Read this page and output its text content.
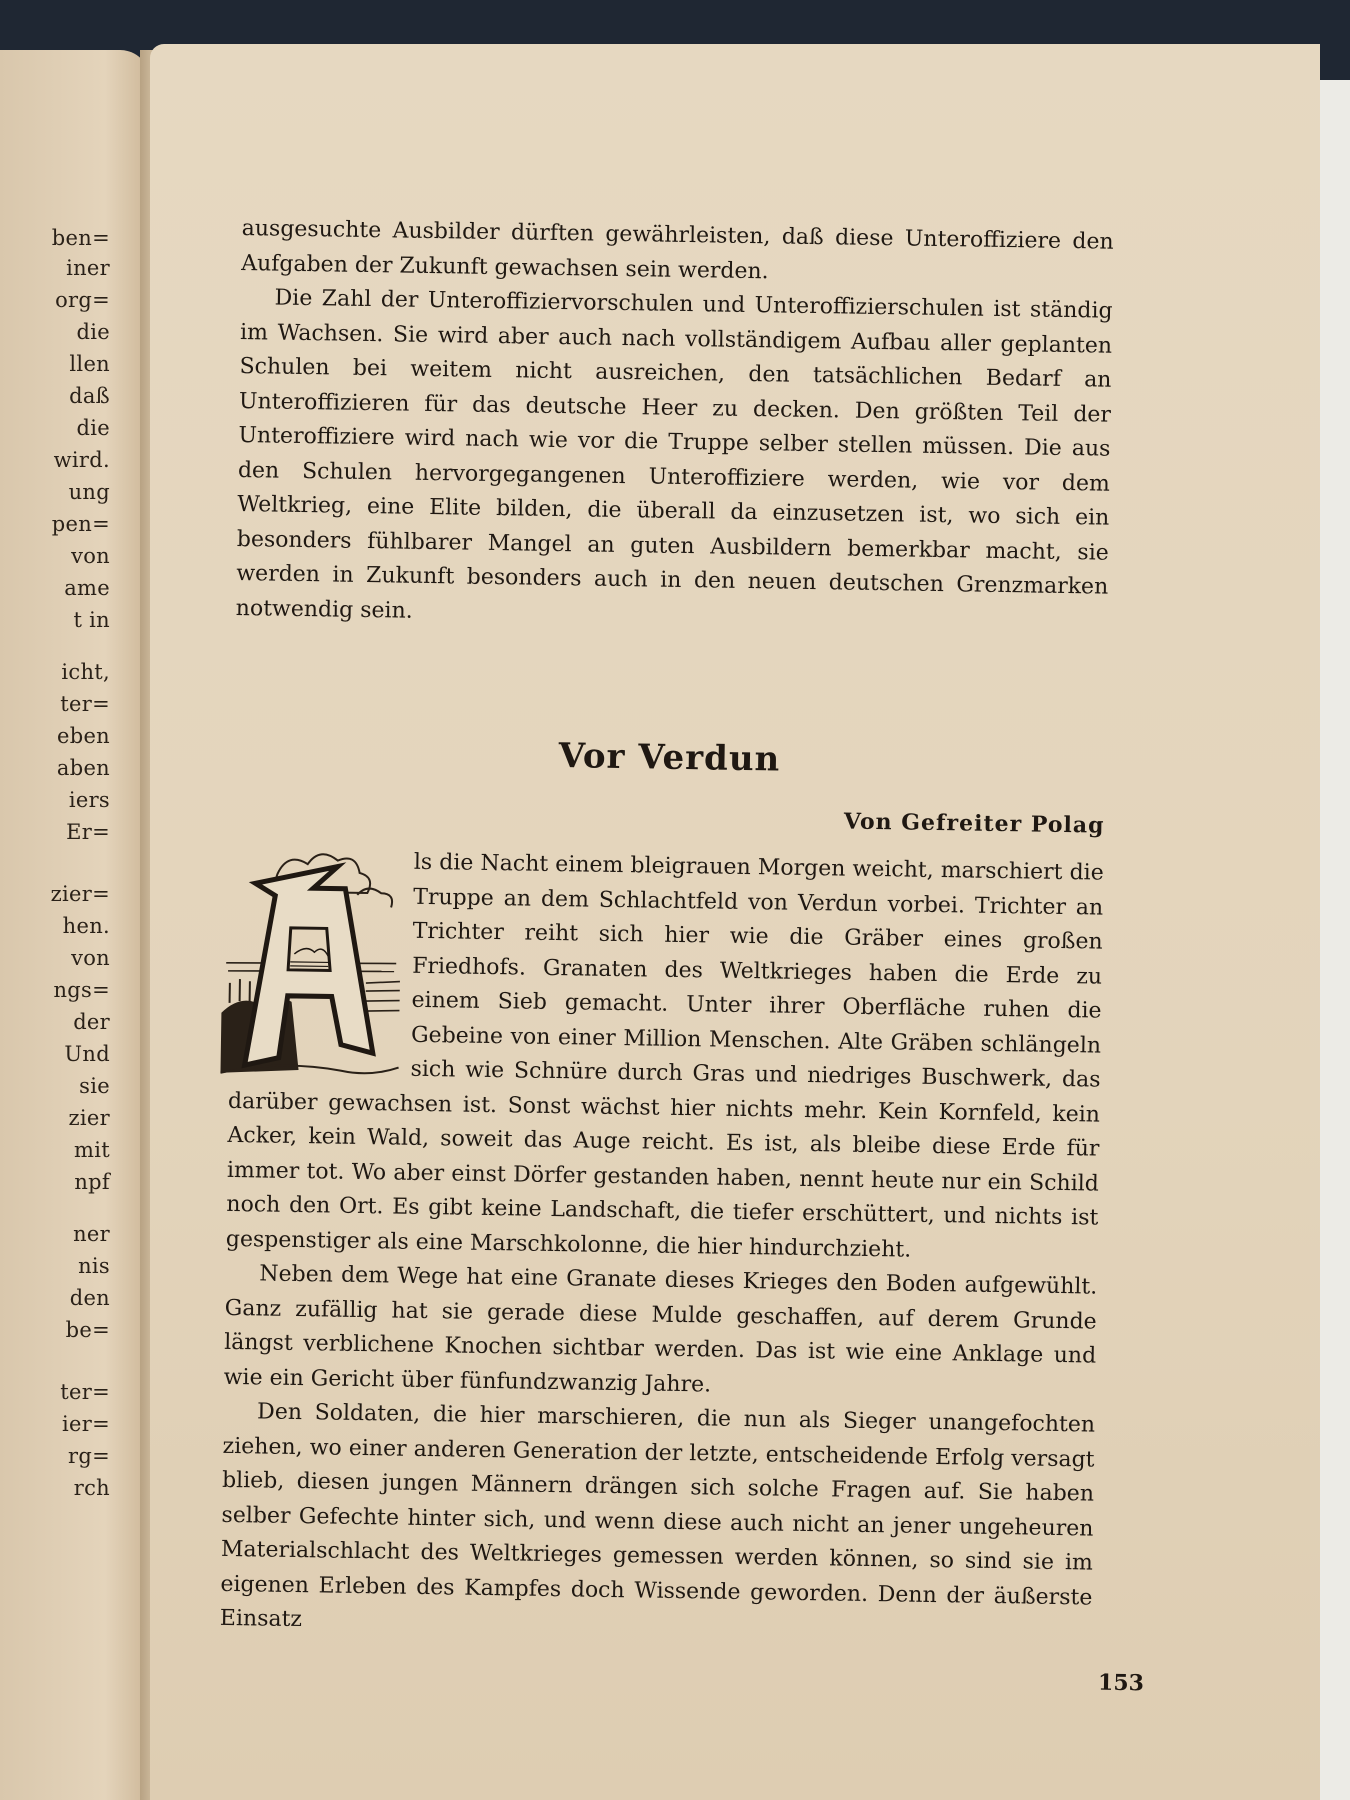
ben=
iner
org=
die
llen
daß
die
wird.
ung
pen=
von
ame
t in
icht,
ter=
eben
aben
iers
Er=
zier=
hen.
von
ngs=
der
Und
sie
zier
mit
npf
ner
nis
den
be=
ter=
ier=
rg=
rch

ausgesuchte Ausbilder dürften gewährleisten, daß diese Unteroffiziere den Aufgaben der Zukunft gewachsen sein werden.

Die Zahl der Unteroffiziervorschulen und Unteroffizierschulen ist ständig im Wachsen. Sie wird aber auch nach vollständigem Aufbau aller geplanten Schulen bei weitem nicht ausreichen, den tatsächlichen Bedarf an Unteroffizieren für das deutsche Heer zu decken. Den größten Teil der Unteroffiziere wird nach wie vor die Truppe selber stellen müssen. Die aus den Schulen hervorgegangenen Unteroffiziere werden, wie vor dem Weltkrieg, eine Elite bilden, die überall da einzusetzen ist, wo sich ein besonders fühlbarer Mangel an guten Ausbildern bemerkbar macht, sie werden in Zukunft besonders auch in den neuen deutschen Grenzmarken notwendig sein.

Vor Verdun
Von Gefreiter Polag

ls die Nacht einem bleigrauen Morgen weicht, marschiert die Truppe an dem Schlachtfeld von Verdun vorbei. Trichter an Trichter reiht sich hier wie die Gräber eines großen Friedhofs. Granaten des Weltkrieges haben die Erde zu einem Sieb gemacht. Unter ihrer Oberfläche ruhen die Gebeine von einer Million Menschen. Alte Gräben schlängeln sich wie Schnüre durch Gras und niedriges Buschwerk, das darüber gewachsen ist. Sonst wächst hier nichts mehr. Kein Kornfeld, kein Acker, kein Wald, soweit das Auge reicht. Es ist, als bleibe diese Erde für immer tot. Wo aber einst Dörfer gestanden haben, nennt heute nur ein Schild noch den Ort. Es gibt keine Landschaft, die tiefer erschüttert, und nichts ist gespenstiger als eine Marschkolonne, die hier hindurchzieht.

Neben dem Wege hat eine Granate dieses Krieges den Boden aufgewühlt. Ganz zufällig hat sie gerade diese Mulde geschaffen, auf derem Grunde längst verblichene Knochen sichtbar werden. Das ist wie eine Anklage und wie ein Gericht über fünfundzwanzig Jahre.

Den Soldaten, die hier marschieren, die nun als Sieger unangefochten ziehen, wo einer anderen Generation der letzte, entscheidende Erfolg versagt blieb, diesen jungen Männern drängen sich solche Fragen auf. Sie haben selber Gefechte hinter sich, und wenn diese auch nicht an jener ungeheuren Materialschlacht des Weltkrieges gemessen werden können, so sind sie im eigenen Erleben des Kampfes doch Wissende geworden. Denn der äußerste Einsatz

153
